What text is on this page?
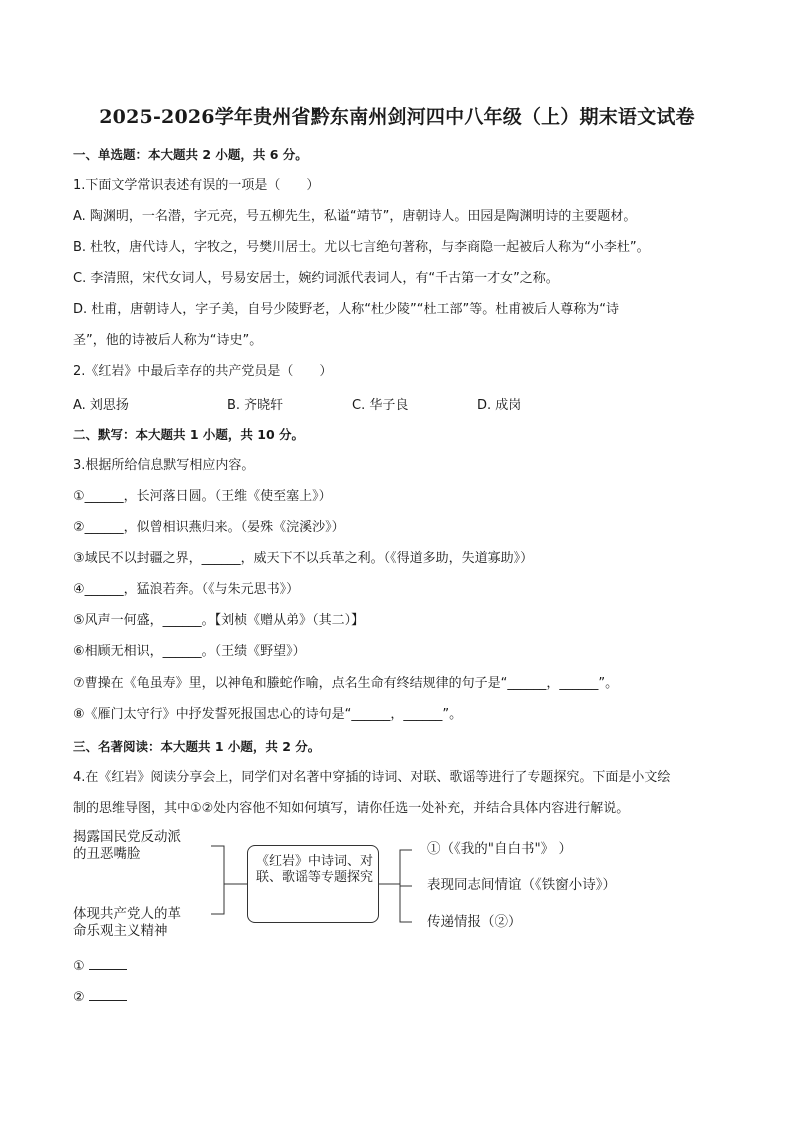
2025-2026学年贵州省黔东南州剑河四中八年级（上）期末语文试卷
一、单选题：本大题共 2 小题，共 6 分。
1.下面文学常识表述有误的一项是（　　）
A. 陶渊明，一名潜，字元亮，号五柳先生，私谥“靖节”，唐朝诗人。田园是陶渊明诗的主要题材。
B. 杜牧，唐代诗人，字牧之，号樊川居士。尤以七言绝句著称，与李商隐一起被后人称为“小李杜”。
C. 李清照，宋代女词人，号易安居士，婉约词派代表词人，有“千古第一才女”之称。
D. 杜甫，唐朝诗人，字子美，自号少陵野老，人称“杜少陵”“杜工部”等。杜甫被后人尊称为“诗
圣”，他的诗被后人称为“诗史”。
2.《红岩》中最后幸存的共产党员是（　　）
A. 刘思扬	B. 齐晓轩	C. 华子良	D. 成岗
二、默写：本大题共 1 小题，共 10 分。
3.根据所给信息默写相应内容。
①______，长河落日圆。（王维《使至塞上》）
②______，似曾相识燕归来。（晏殊《浣溪沙》）
③域民不以封疆之界，______，威天下不以兵革之利。（《得道多助，失道寡助》）
④______，猛浪若奔。（《与朱元思书》）
⑤风声一何盛，______。【刘桢《赠从弟》（其二）】
⑥相顾无相识，______。（王绩《野望》）
⑦曹操在《龟虽寿》里，以神龟和螣蛇作喻，点名生命有终结规律的句子是“______，______”。
⑧《雁门太守行》中抒发誓死报国忠心的诗句是“______，______”。
三、名著阅读：本大题共 1 小题，共 2 分。
4.在《红岩》阅读分享会上，同学们对名著中穿插的诗词、对联、歌谣等进行了专题探究。下面是小文绘
制的思维导图，其中①②处内容他不知如何填写，请你任选一处补充，并结合具体内容进行解说。
揭露国民党反动派
的丑恶嘴脸
体现共产党人的革
命乐观主义精神
《红岩》中诗词、对联、歌谣等专题探究
①（《我的"自白书"》 ）
表现同志间情谊（《铁窗小诗》）
传递情报（②）
①
②
